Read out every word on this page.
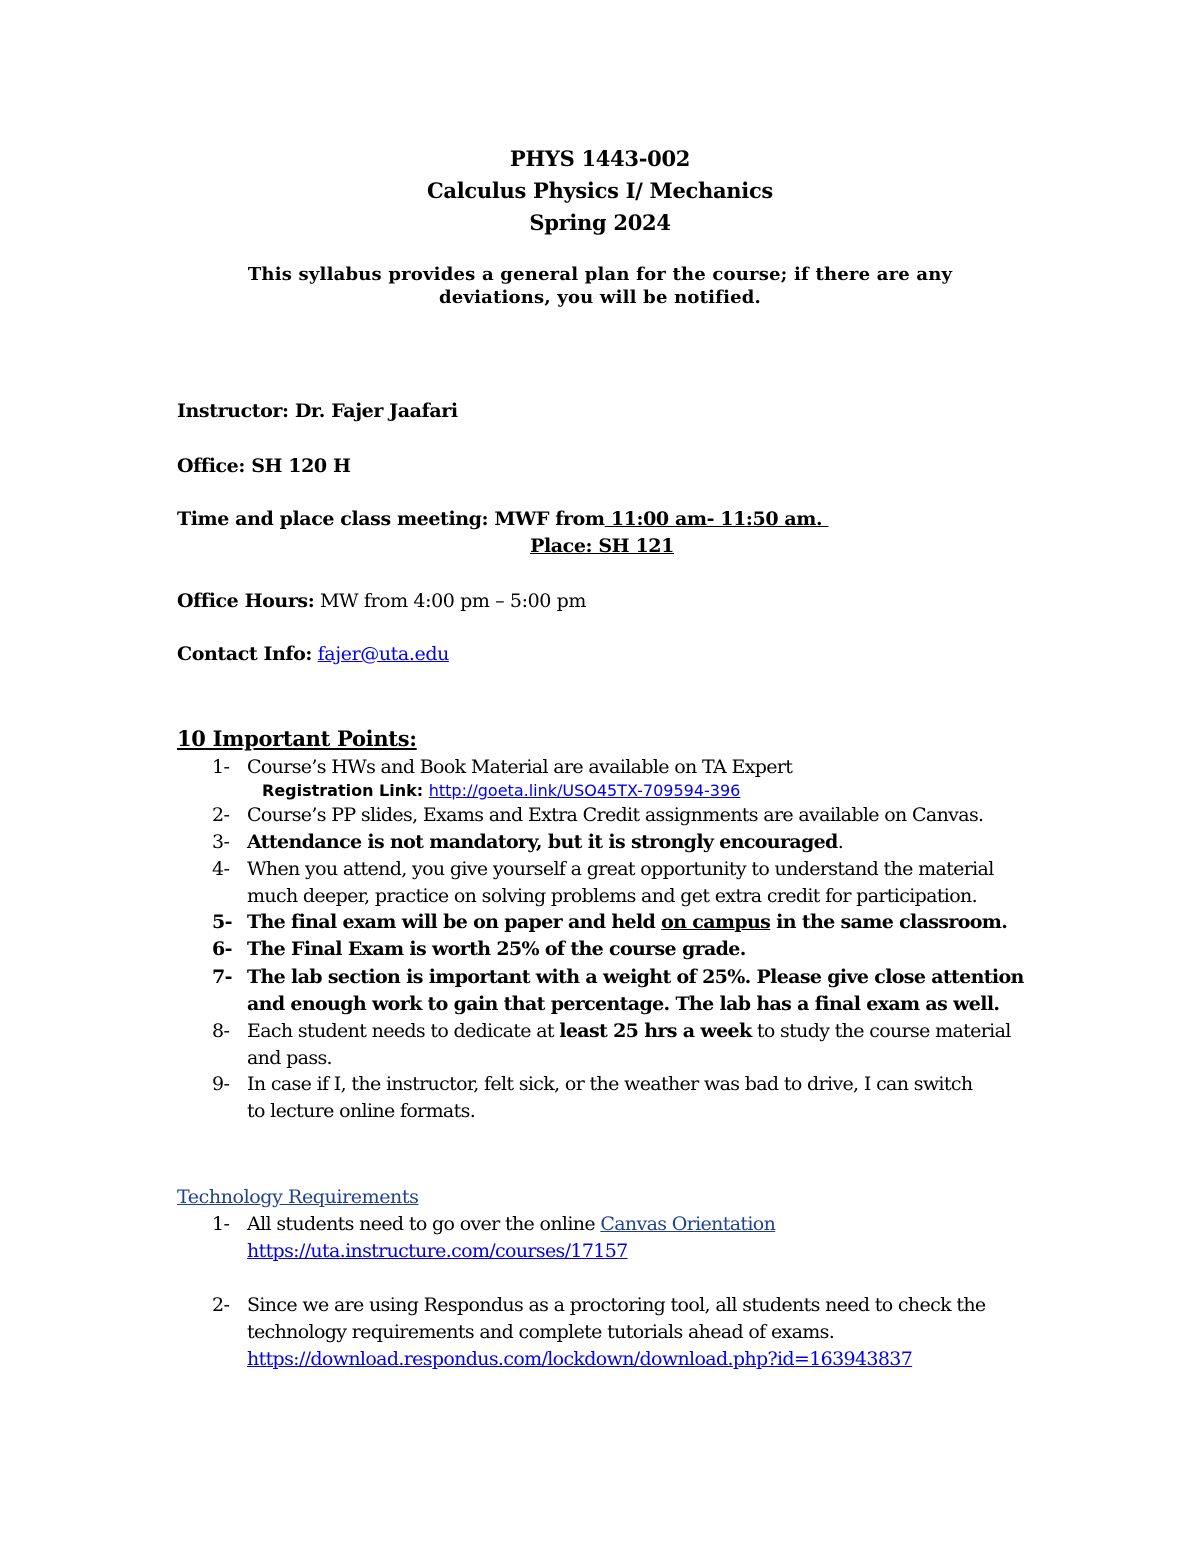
PHYS 1443-002
Calculus Physics I/ Mechanics
Spring 2024
This syllabus provides a general plan for the course; if there are any
deviations, you will be notified.
Instructor: Dr. Fajer Jaafari
Office: SH 120 H
Time and place class meeting: MWF from 11:00 am- 11:50 am.
Place: SH 121
Office Hours: MW from 4:00 pm – 5:00 pm
Contact Info: fajer@uta.edu
10 Important Points:
1- Course’s HWs and Book Material are available on TA Expert
Registration Link: http://goeta.link/USO45TX-709594-396
2- Course’s PP slides, Exams and Extra Credit assignments are available on Canvas.
3- Attendance is not mandatory, but it is strongly encouraged.
4- When you attend, you give yourself a great opportunity to understand the material
much deeper, practice on solving problems and get extra credit for participation.
5- The final exam will be on paper and held on campus in the same classroom.
6- The Final Exam is worth 25% of the course grade.
7- The lab section is important with a weight of 25%. Please give close attention
and enough work to gain that percentage. The lab has a final exam as well.
8- Each student needs to dedicate at least 25 hrs a week to study the course material
and pass.
9- In case if I, the instructor, felt sick, or the weather was bad to drive, I can switch
to lecture online formats.
Technology Requirements
1- All students need to go over the online Canvas Orientation
https://uta.instructure.com/courses/17157
2- Since we are using Respondus as a proctoring tool, all students need to check the
technology requirements and complete tutorials ahead of exams.
https://download.respondus.com/lockdown/download.php?id=163943837
